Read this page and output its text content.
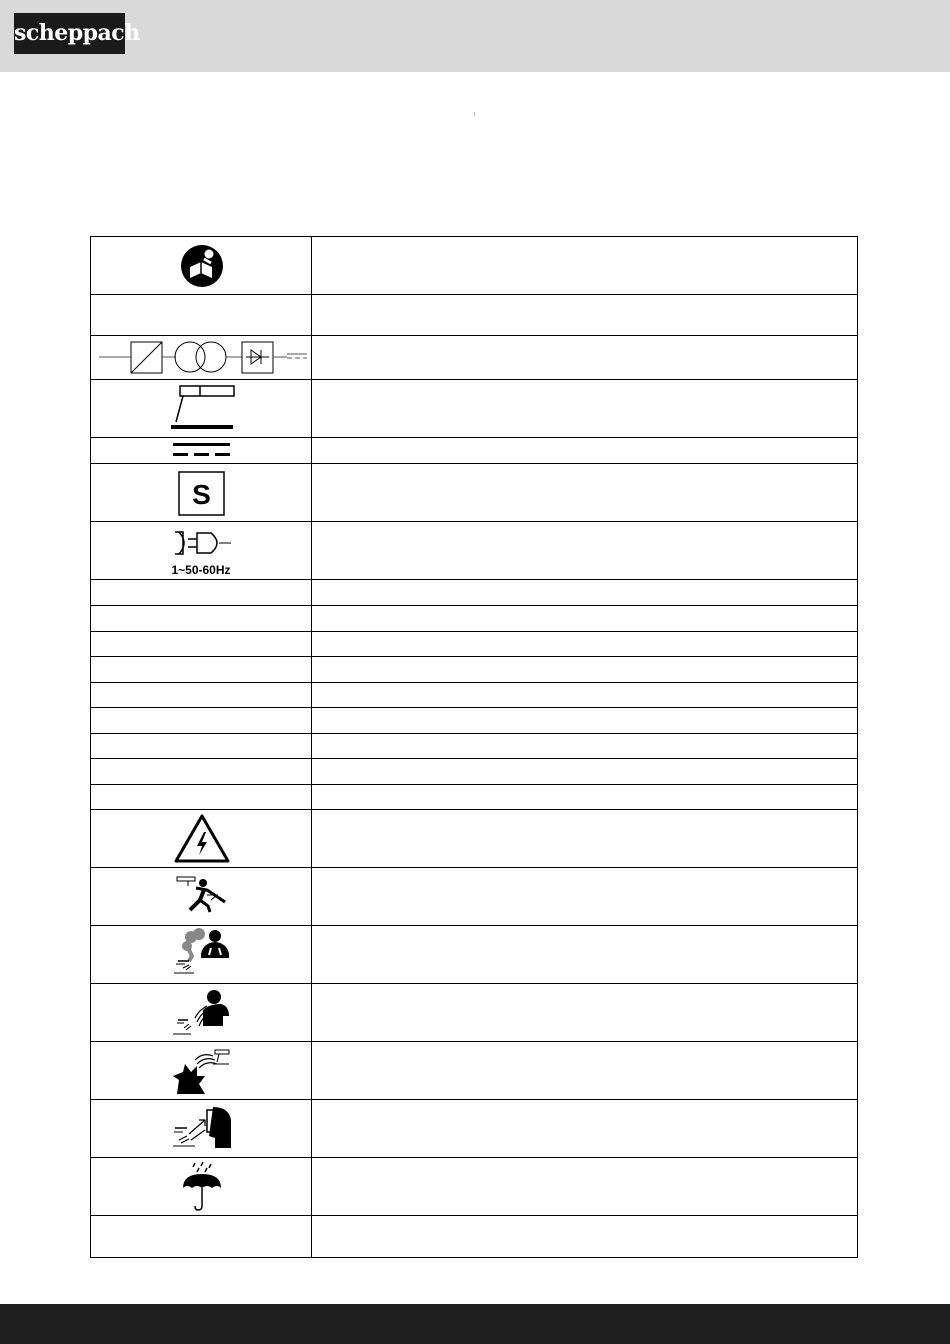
scheppach
S
1~50-60Hz
